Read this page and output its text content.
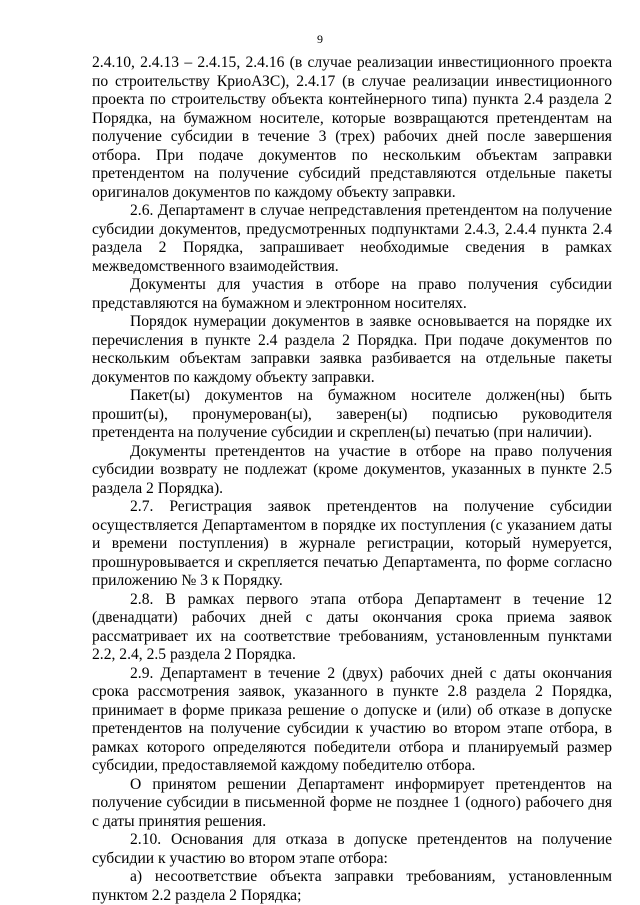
9

2.4.10, 2.4.13 – 2.4.15, 2.4.16 (в случае реализации инвестиционного проекта по строительству КриоАЗС), 2.4.17 (в случае реализации инвестиционного проекта по строительству объекта контейнерного типа) пункта 2.4 раздела 2 Порядка, на бумажном носителе, которые возвращаются претендентам на получение субсидии в течение 3 (трех) рабочих дней после завершения отбора. При подаче документов по нескольким объектам заправки претендентом на получение субсидий представляются отдельные пакеты оригиналов документов по каждому объекту заправки.

2.6. Департамент в случае непредставления претендентом на получение субсидии документов, предусмотренных подпунктами 2.4.3, 2.4.4 пункта 2.4 раздела 2 Порядка, запрашивает необходимые сведения в рамках межведомственного взаимодействия.

Документы для участия в отборе на право получения субсидии представляются на бумажном и электронном носителях.

Порядок нумерации документов в заявке основывается на порядке их перечисления в пункте 2.4 раздела 2 Порядка. При подаче документов по нескольким объектам заправки заявка разбивается на отдельные пакеты документов по каждому объекту заправки.

Пакет(ы) документов на бумажном носителе должен(ны) быть прошит(ы), пронумерован(ы), заверен(ы) подписью руководителя претендента на получение субсидии и скреплен(ы) печатью (при наличии).

Документы претендентов на участие в отборе на право получения субсидии возврату не подлежат (кроме документов, указанных в пункте 2.5 раздела 2 Порядка).

2.7. Регистрация заявок претендентов на получение субсидии осуществляется Департаментом в порядке их поступления (с указанием даты и времени поступления) в журнале регистрации, который нумеруется, прошнуровывается и скрепляется печатью Департамента, по форме согласно приложению № 3 к Порядку.

2.8. В рамках первого этапа отбора Департамент в течение 12 (двенадцати) рабочих дней с даты окончания срока приема заявок рассматривает их на соответствие требованиям, установленным пунктами 2.2, 2.4, 2.5 раздела 2 Порядка.

2.9. Департамент в течение 2 (двух) рабочих дней с даты окончания срока рассмотрения заявок, указанного в пункте 2.8 раздела 2 Порядка, принимает в форме приказа решение о допуске и (или) об отказе в допуске претендентов на получение субсидии к участию во втором этапе отбора, в рамках которого определяются победители отбора и планируемый размер субсидии, предоставляемой каждому победителю отбора.

О принятом решении Департамент информирует претендентов на получение субсидии в письменной форме не позднее 1 (одного) рабочего дня с даты принятия решения.

2.10. Основания для отказа в допуске претендентов на получение субсидии к участию во втором этапе отбора:

а) несоответствие объекта заправки требованиям, установленным пунктом 2.2 раздела 2 Порядка;
